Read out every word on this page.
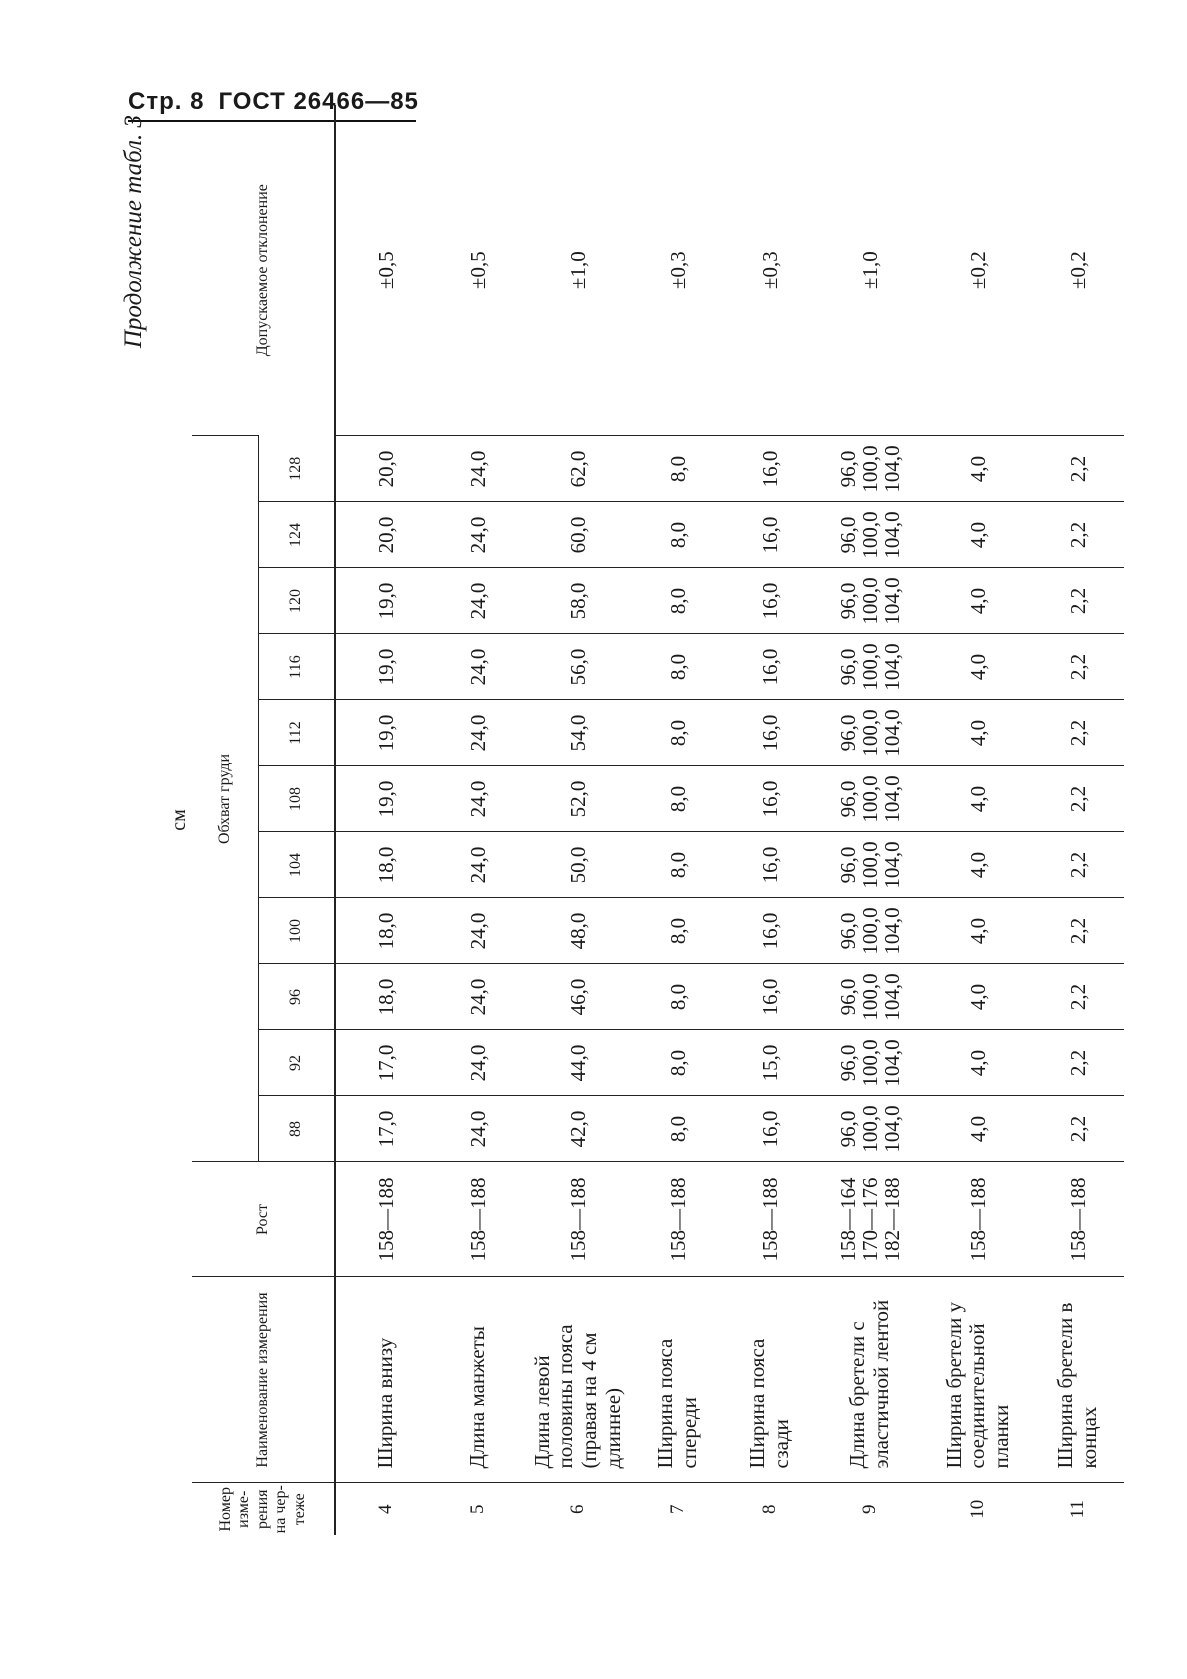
Стр. 8 ГОСТ 26466—85
Продолжение табл. 3
см
Номер изме-рения на чер-теже	Наименование измерения	Рост	Обхват груди											Допускаемое отклонение
			88	92	96	100	104	108	112	116	120	124	128	
4	Ширина внизу	158—188	17,0	17,0	18,0	18,0	18,0	19,0	19,0	19,0	19,0	20,0	20,0	±0,5
5	Длина манжеты	158—188	24,0	24,0	24,0	24,0	24,0	24,0	24,0	24,0	24,0	24,0	24,0	±0,5
6	Длина левой половины пояса (правая на 4 см длиннее)	158—188	42,0	44,0	46,0	48,0	50,0	52,0	54,0	56,0	58,0	60,0	62,0	±1,0
7	Ширина пояса спереди	158—188	8,0	8,0	8,0	8,0	8,0	8,0	8,0	8,0	8,0	8,0	8,0	±0,3
8	Ширина пояса сзади	158—188	16,0	15,0	16,0	16,0	16,0	16,0	16,0	16,0	16,0	16,0	16,0	±0,3
9	Длина бретели с эластичной лентой	158—164
170—176
182—188	96,0
100,0
104,0	96,0
100,0
104,0	96,0
100,0
104,0	96,0
100,0
104,0	96,0
100,0
104,0	96,0
100,0
104,0	96,0
100,0
104,0	96,0
100,0
104,0	96,0
100,0
104,0	96,0
100,0
104,0	96,0
100,0
104,0	±1,0
10	Ширина бретели у соединительной планки	158—188	4,0	4,0	4,0	4,0	4,0	4,0	4,0	4,0	4,0	4,0	4,0	±0,2
11	Ширина бретели в концах	158—188	2,2	2,2	2,2	2,2	2,2	2,2	2,2	2,2	2,2	2,2	2,2	±0,2
